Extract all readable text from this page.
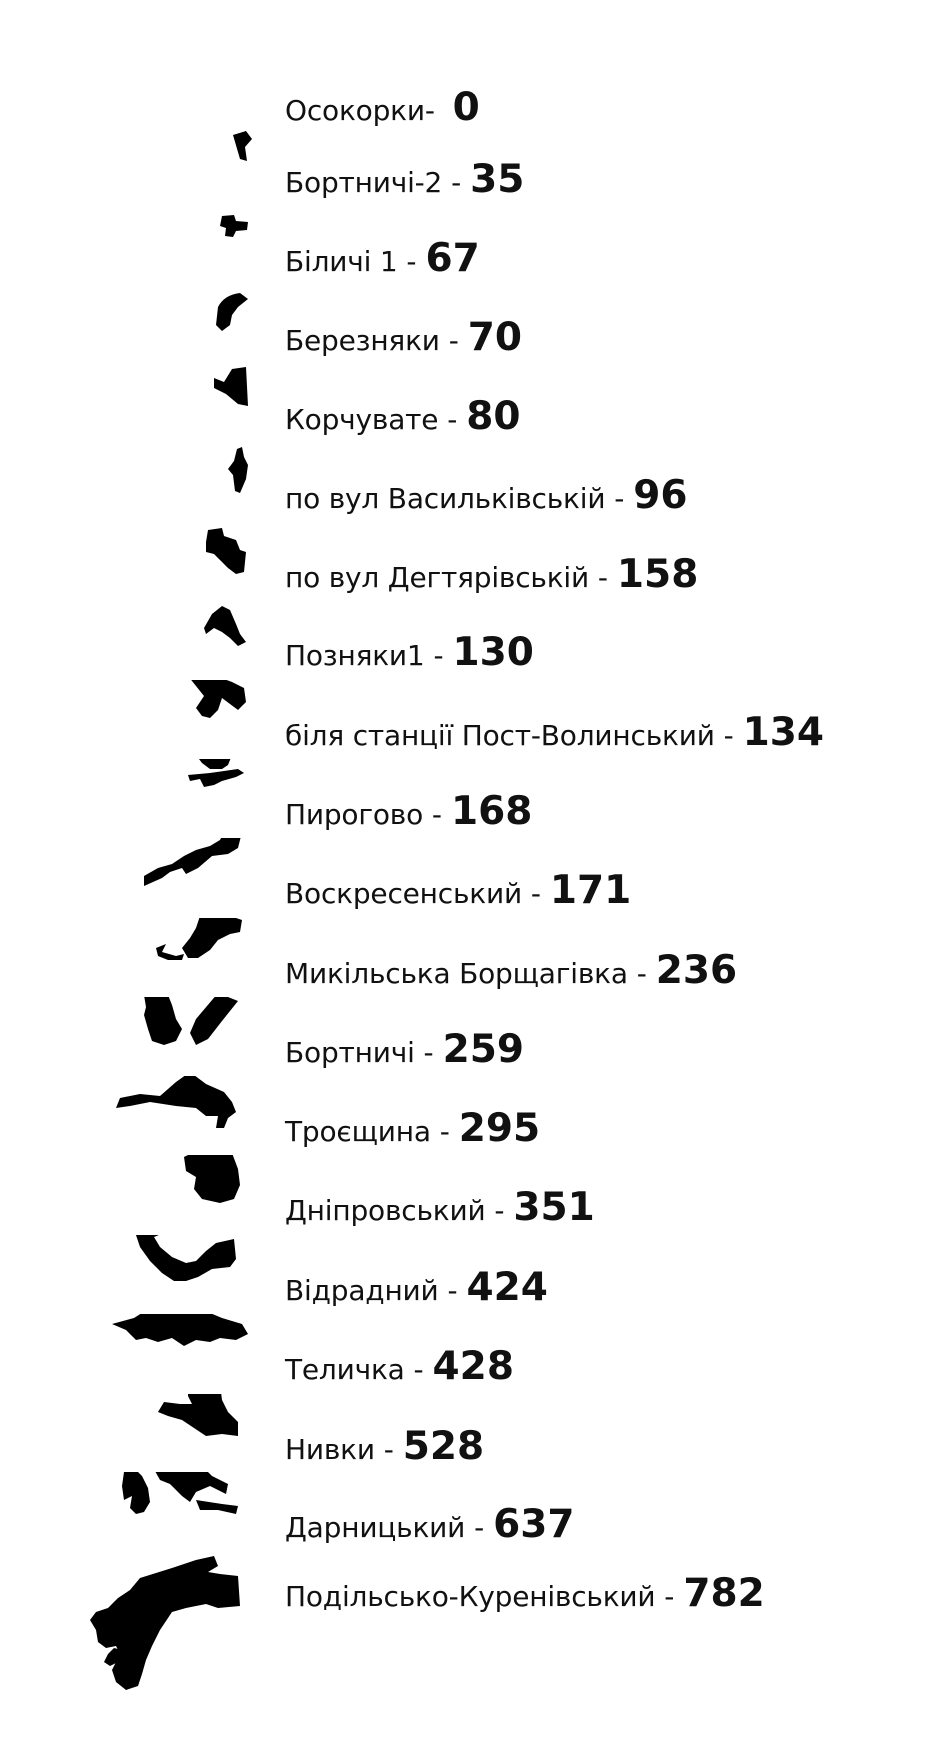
Осокорки- 0
Бортничі-2 - 35
Біличі 1 - 67
Березняки - 70
Корчувате - 80
по вул Васильківській - 96
по вул Дегтярівській - 158
Позняки1 - 130
біля станції Пост-Волинський - 134
Пирогово - 168
Воскресенський - 171
Микільська Борщагівка - 236
Бортничі - 259
Троєщина - 295
Дніпровський - 351
Відрадний - 424
Теличка - 428
Нивки - 528
Дарницький - 637
Подільсько-Куренівський - 782
